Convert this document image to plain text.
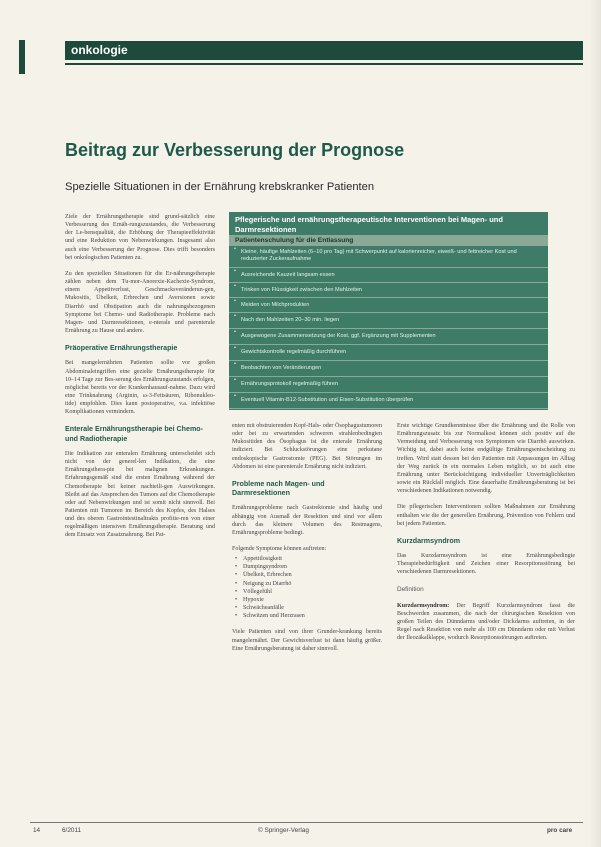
onkologie
Beitrag zur Verbesserung der Prognose
Spezielle Situationen in der Ernährung krebskranker Patienten

Ziele der Ernährungstherapie sind grund-sätzlich eine Verbesserung des Ernäh-rungszustandes, die Verbesserung der Le-bensqualität, die Erhöhung der Therapieeffektivität und eine Reduktion von Nebenwirkungen. Insgesamt also auch eine Verbesserung der Prognose. Dies trifft besonders bei onkologischen Patienten zu.

Zu den speziellen Situationen für die Er-nährungstherapie zählen neben dem Tu-mor-Anorexie-Kachexie-Syndrom, einem Appetitverlust, Geschmacksveränderun-gen, Mukositis, Übelkeit, Erbrechen und Aversionen sowie Diarrhö und Obstipation auch die nahrungsbezogenen Symptome bei Chemo- und Radiotherapie. Probleme nach Magen- und Darmresektionen, e-nterale und parenterale Ernährung zu Hause und andere.

Präoperative Ernährungstherapie

Bei mangelernährten Patienten sollte vor großen Abdominaleingriffen eine gezielte Ernährungstherapie für 10–14 Tage zur Bes-serung des Ernährungszustands erfolgen, möglichst bereits vor der Krankenhausauf-nahme. Dazu wird eine Trinknahrung (Arginin, ω-3-Fettsäuren, Ribonukleo-tide) empfohlen. Dies kann postoperative, v.a. infektiöse Komplikationen vermindern.

Enterale Ernährungstherapie bei Chemo- und Radiotherapie

Die Indikation zur enteralen Ernährung unterscheidet sich nicht von der generel-len Indikation, die eine Ernährungsthera-pie bei malignen Erkrankungen. Erfahrungsgemäß sind die ersten Ernährung während der Chemotherapie bei keiner nachteili-gen Auswirkungen. Bleibt auf das Ansprechen des Tumors auf die Chemotherapie oder auf Nebenwirkungen und ist somit nicht sinnvoll. Bei Patienten mit Tumoren im Bereich des Kopfes, des Halses und des oberen Gastrointestinaltrakts profitie-ren von einer regelmäßigen intensiven Ernährungstherapie. Beratung und dem Einsatz von Zusatznahrung. Bei Pat-

Pflegerische und ernährungstherapeutische Interventionen bei Magen- und Darmresektionen
Patientenschulung für die Entlassung
• Kleine, häufige Mahlzeiten (6–10 pro Tag) mit Schwerpunkt auf kalorienreicher, eiweiß- und fettreicher Kost und reduzierter Zuckeraufnahme
• Ausreichende Kauzeit langsam essen
• Trinken von Flüssigkeit zwischen den Mahlzeiten
• Meiden von Milchprodukten
• Nach den Mahlzeiten 20–30 min. liegen
• Ausgewogene Zusammensetzung der Kost, ggf. Ergänzung mit Supplementen
• Gewichtskontrolle regelmäßig durchführen
• Beobachten von Veränderungen
• Ernährungsprotokoll regelmäßig führen
• Eventuell Vitamin-B12-Substitution und Eisen-Substitution überprüfen

enten mit obstruierenden Kopf-Hals- oder Ösophagustumoren oder bei zu erwartenden schweren strahlenbedingten Mukositiden des Ösophagus ist die enterale Ernährung indiziert. Bei Schluckstörungen eine perkutane endoskopische Gastrostomie (PEG). Bei Störungen im Abdomen ist eine parenterale Ernährung nicht indiziert.

Probleme nach Magen- und Darmresektionen

Ernährungsprobleme nach Gastrektomie sind häufig und abhängig von Ausmaß der Resektion und sind vor allem durch das kleinere Volumen des Restmagens, Ernährungsprobleme bedingt.

Folgende Symptome können auftreten:

• Appetitlosigkeit
• Dumpingsyndrom
• Übelkeit, Erbrechen
• Neigung zu Diarrhö
• Völlegefühl
• Hypoxie
• Schwächeanfälle
• Schwitzen und Herzrasen

Viele Patienten sind von ihrer Grunder-krankung bereits mangelernährt. Der Gewichtsverlust ist dann häufig größer. Eine Ernährungsberatung ist daher sinnvoll.

Erste wichtige Grundkenntnisse über die Ernährung und die Rolle von Ernährungszusatz bis zur Normalkost können sich positiv auf die Vermeidung und Verbesserung von Symptomen wie Diarrhö auswirken. Wichtig ist, dabei auch keine endgültige Ernährungsentscheidung zu treffen. Wird statt dessen bei den Patienten mit Anpassungen im Alltag der Weg zurück in ein normales Leben möglich, so ist auch eine Ernährung unter Berücksichtigung individueller Unverträglichkeiten sowie ein Rückfall möglich. Eine dauerhafte Ernährungsberatung ist bei verschiedenen Indikationen notwendig.

Die pflegerischen Interventionen sollten Maßnahmen zur Ernährung enthalten wie die der generellen Ernährung, Prävention von Fehlern und bei jedem Patienten.

Kurzdarmsyndrom

Das Kurzdarmsyndrom ist eine Ernährungsbedingte Therapiebedürftigkeit und Zeichen einer Resorptionsstörung bei verschiedenen Darmresektionen.

Definition

Kurzdarmsyndrom: Der Begriff Kurzdarmsyndrom fasst die Beschwerden zusammen, die nach der chirurgischen Resektion von großen Teilen des Dünndarms und/oder Dickdarms auftreten, in der Regel nach Resektion von mehr als 100 cm Dünndarm oder mit Verlust der Ileozäkalklappe, wodurch Resorptionsstörungen auftreten.

14	6/2011	© Springer-Verlag	pro care
